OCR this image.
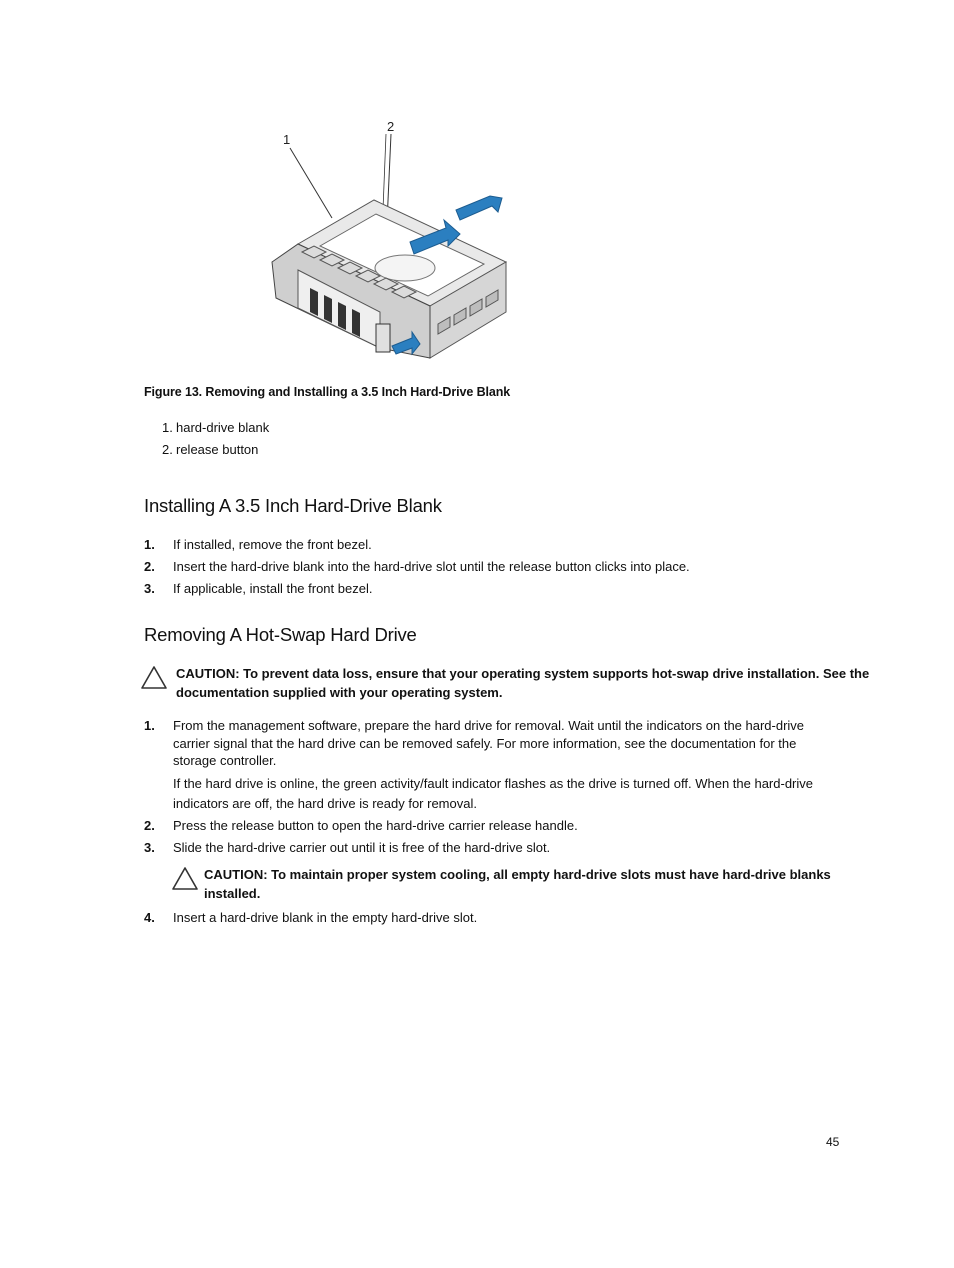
1
2
Figure 13. Removing and Installing a 3.5 Inch Hard-Drive Blank
1. hard-drive blank
2. release button
Installing A 3.5 Inch Hard-Drive Blank
1. If installed, remove the front bezel.
2. Insert the hard-drive blank into the hard-drive slot until the release button clicks into place.
3. If applicable, install the front bezel.
Removing A Hot-Swap Hard Drive
CAUTION: To prevent data loss, ensure that your operating system supports hot-swap drive installation. See the
documentation supplied with your operating system.
1. From the management software, prepare the hard drive for removal. Wait until the indicators on the hard-drive carrier signal that the hard drive can be removed safely. For more information, see the documentation for the storage controller.
If the hard drive is online, the green activity/fault indicator flashes as the drive is turned off. When the hard-drive indicators are off, the hard drive is ready for removal.
2. Press the release button to open the hard-drive carrier release handle.
3. Slide the hard-drive carrier out until it is free of the hard-drive slot.
CAUTION: To maintain proper system cooling, all empty hard-drive slots must have hard-drive blanks
installed.
4. Insert a hard-drive blank in the empty hard-drive slot.
45
